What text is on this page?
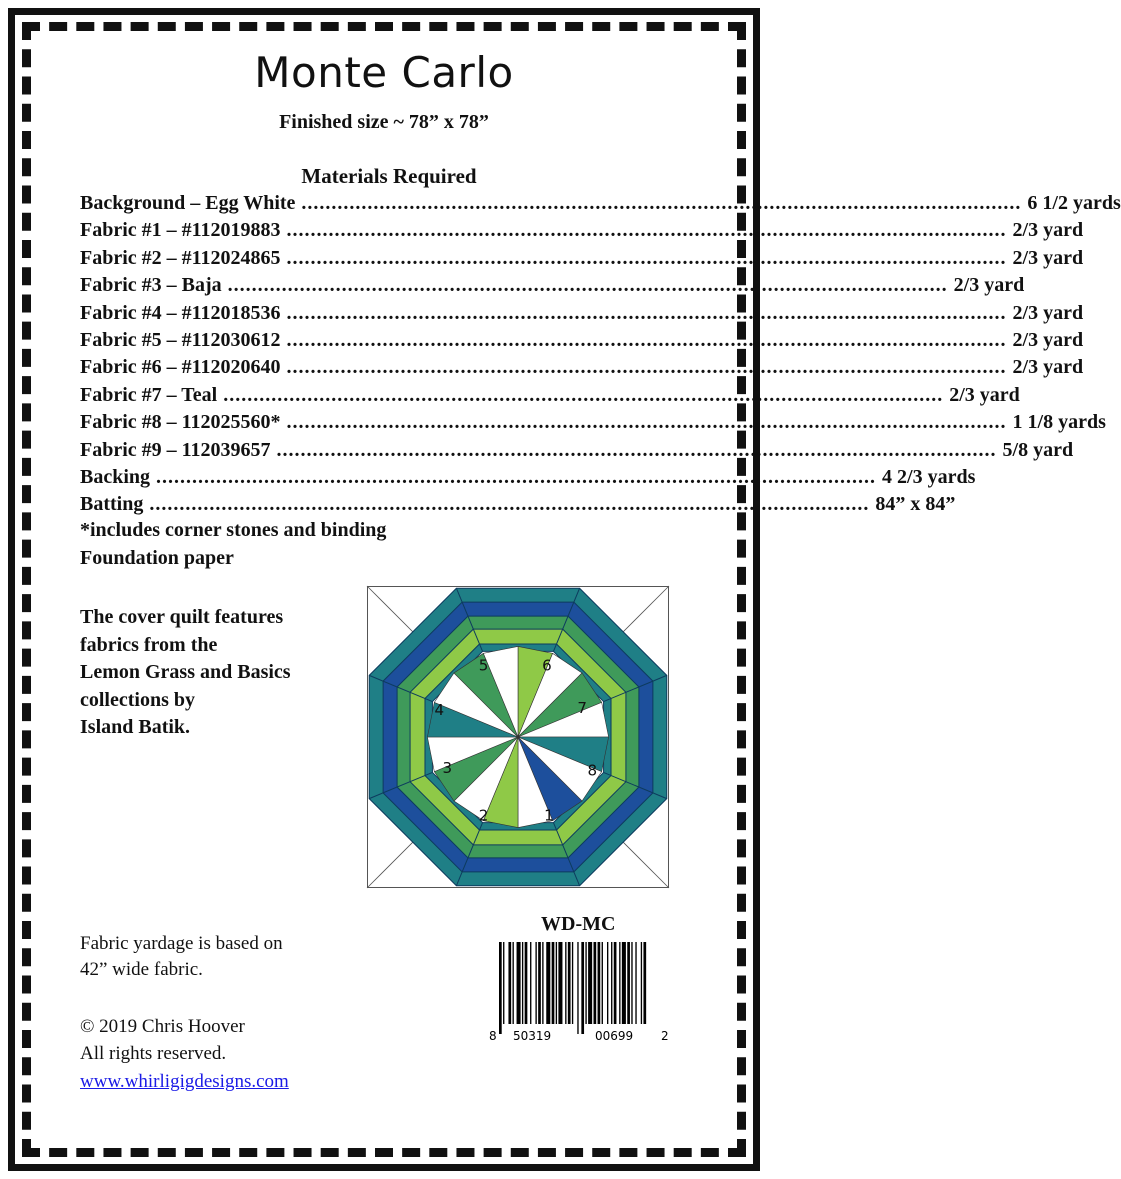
Monte Carlo
Finished size ~ 78” x 78”
Materials Required
Background – Egg White ........................................................................................................................ 6 1/2 yards
Fabric #1 – #112019883 ........................................................................................................................ 2/3 yard
Fabric #2 – #112024865 ........................................................................................................................ 2/3 yard
Fabric #3 – Baja ........................................................................................................................ 2/3 yard
Fabric #4 – #112018536 ........................................................................................................................ 2/3 yard
Fabric #5 – #112030612 ........................................................................................................................ 2/3 yard
Fabric #6 – #112020640 ........................................................................................................................ 2/3 yard
Fabric #7 – Teal ........................................................................................................................ 2/3 yard
Fabric #8 – 112025560* ........................................................................................................................ 1 1/8 yards
Fabric #9 – 112039657 ........................................................................................................................ 5/8 yard
Backing ........................................................................................................................ 4 2/3 yards
Batting ........................................................................................................................ 84” x 84”
*includes corner stones and binding
Foundation paper
The cover quilt features
fabrics from the
Lemon Grass and Basics
collections by
Island Batik.
1
2
3
4
5	6
7
8
WD-MC
8 50319	00699 2
Fabric yardage is based on
42” wide fabric.
© 2019 Chris Hoover
All rights reserved.
www.whirligigdesigns.com
